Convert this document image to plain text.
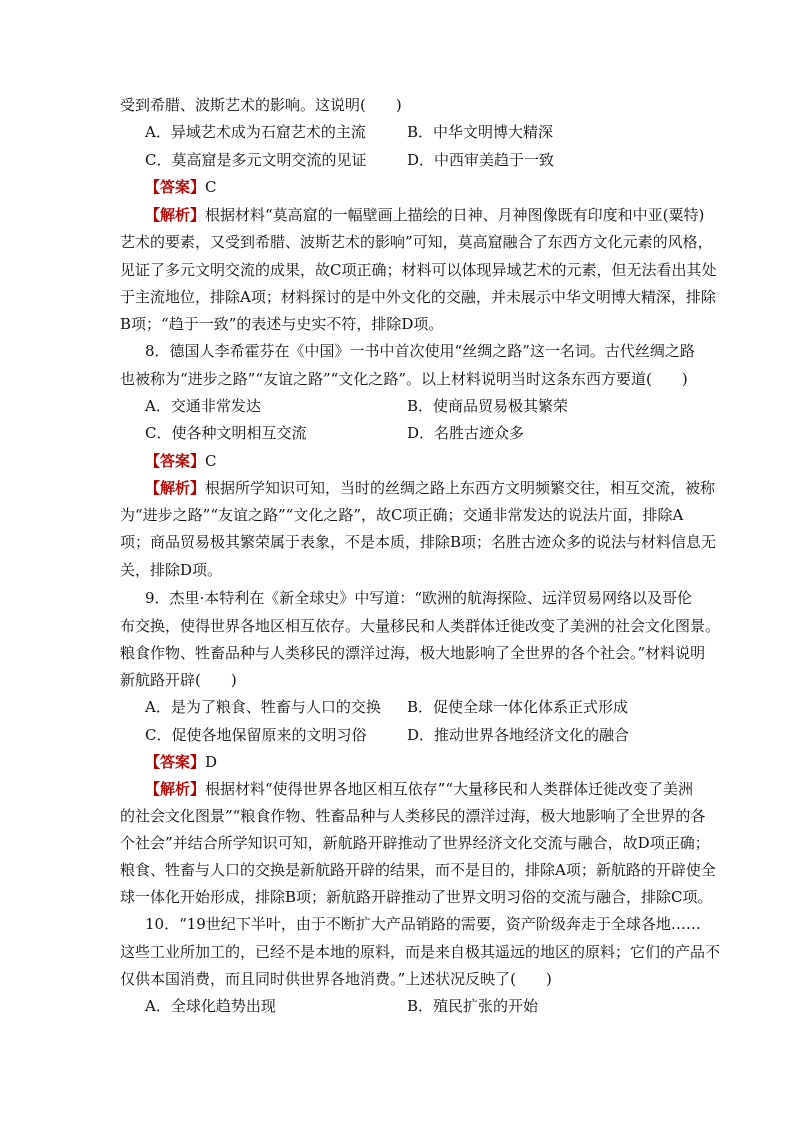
受到希腊、波斯艺术的影响。这说明(　　)
A．异域艺术成为石窟艺术的主流	B．中华文明博大精深
C．莫高窟是多元文明交流的见证	D．中西审美趋于一致
【答案】C
【解析】根据材料“莫高窟的一幅壁画上描绘的日神、月神图像既有印度和中亚(粟特)
艺术的要素，又受到希腊、波斯艺术的影响”可知，莫高窟融合了东西方文化元素的风格，
见证了多元文明交流的成果，故C项正确；材料可以体现异域艺术的元素，但无法看出其处
于主流地位，排除A项；材料探讨的是中外文化的交融，并未展示中华文明博大精深，排除
B项；“趋于一致”的表述与史实不符，排除D项。
8．德国人李希霍芬在《中国》一书中首次使用“丝绸之路”这一名词。古代丝绸之路
也被称为“进步之路”“友谊之路”“文化之路”。以上材料说明当时这条东西方要道(　　)
A．交通非常发达	B．使商品贸易极其繁荣
C．使各种文明相互交流	D．名胜古迹众多
【答案】C
【解析】根据所学知识可知，当时的丝绸之路上东西方文明频繁交往，相互交流，被称
为“进步之路”“友谊之路”“文化之路”，故C项正确；交通非常发达的说法片面，排除A
项；商品贸易极其繁荣属于表象，不是本质，排除B项；名胜古迹众多的说法与材料信息无
关，排除D项。
9．杰里·本特利在《新全球史》中写道：“欧洲的航海探险、远洋贸易网络以及哥伦
布交换，使得世界各地区相互依存。大量移民和人类群体迁徙改变了美洲的社会文化图景。
粮食作物、牲畜品种与人类移民的漂洋过海，极大地影响了全世界的各个社会。”材料说明
新航路开辟(　　)
A．是为了粮食、牲畜与人口的交换 B．促使全球一体化体系正式形成
C．促使各地保留原来的文明习俗	D．推动世界各地经济文化的融合
【答案】D
【解析】根据材料“使得世界各地区相互依存”“大量移民和人类群体迁徙改变了美洲
的社会文化图景”“粮食作物、牲畜品种与人类移民的漂洋过海，极大地影响了全世界的各
个社会”并结合所学知识可知，新航路开辟推动了世界经济文化交流与融合，故D项正确；
粮食、牲畜与人口的交换是新航路开辟的结果，而不是目的，排除A项；新航路的开辟使全
球一体化开始形成，排除B项；新航路开辟推动了世界文明习俗的交流与融合，排除C项。
10．“19世纪下半叶，由于不断扩大产品销路的需要，资产阶级奔走于全球各地……
这些工业所加工的，已经不是本地的原料，而是来自极其遥远的地区的原料；它们的产品不
仅供本国消费，而且同时供世界各地消费。”上述状况反映了(　　)
A．全球化趋势出现	B．殖民扩张的开始
